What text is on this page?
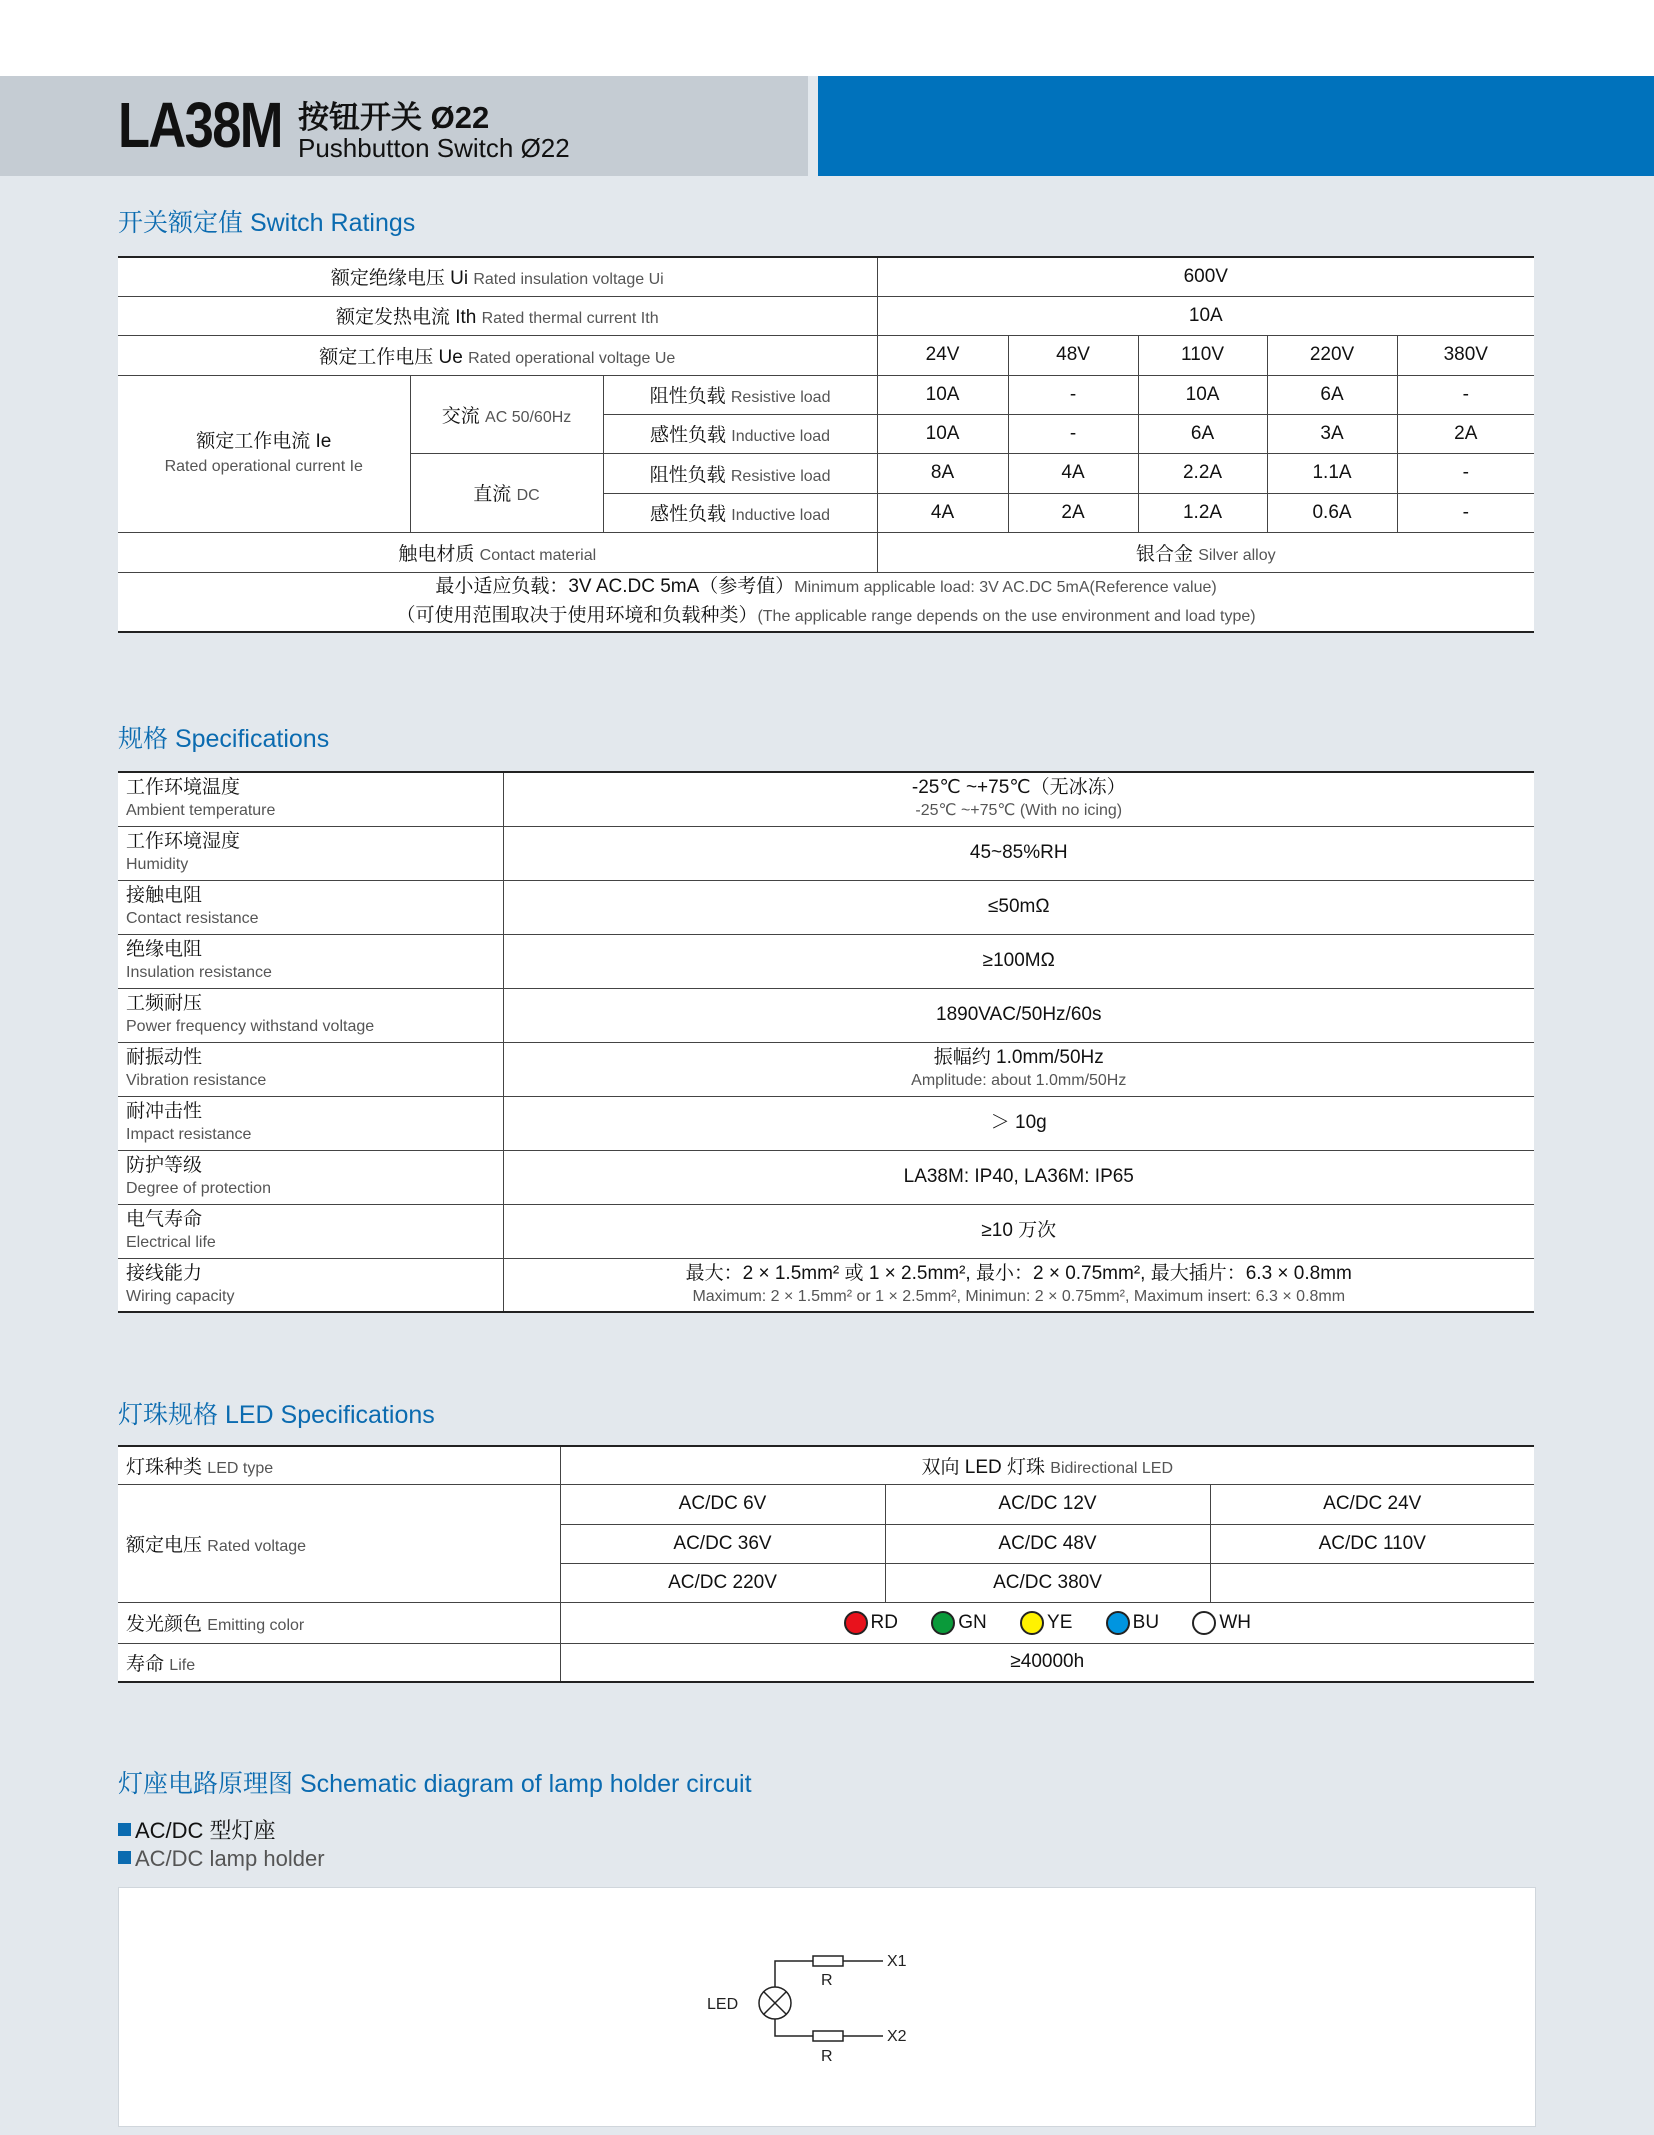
LA38M 按钮开关 Ø22
Pushbutton Switch Ø22
开关额定值 Switch Ratings
额定绝缘电压 Ui Rated insulation voltage Ui			600V				
额定发热电流 Ith Rated thermal current Ith			10A				
额定工作电压 Ue Rated operational voltage Ue			24V	48V	110V	220V	380V

额定工作电流 Ie
Rated operational current Ie	交流 AC 50/60Hz	阻性负载 Resistive load	10A	-	10A	6A	-
		感性负载 Inductive load	10A	-	6A	3A	2A
	直流 DC	阻性负载 Resistive load	8A	4A	2.2A	1.1A	-
		感性负载 Inductive load	4A	2A	1.2A	0.6A	-
触电材质 Contact material			银合金 Silver alloy				

最小适应负载：3V AC.DC 5mA（参考值）Minimum applicable load: 3V AC.DC 5mA(Reference value)
（可使用范围取决于使用环境和负载种类）(The applicable range depends on the use environment and load type)							
规格 Specifications
工作环境温度
Ambient temperature	-25℃ ~+75℃（无冰冻）
-25℃ ~+75℃ (With no icing)

工作环境湿度
Humidity	45~85%RH

接触电阻
Contact resistance	≤50mΩ

绝缘电阻
Insulation resistance	≥100MΩ

工频耐压
Power frequency withstand voltage	1890VAC/50Hz/60s

耐振动性
Vibration resistance	振幅约 1.0mm/50Hz
Amplitude: about 1.0mm/50Hz

耐冲击性
Impact resistance	＞ 10g

防护等级
Degree of protection	LA38M: IP40, LA36M: IP65

电气寿命
Electrical life	≥10 万次

接线能力
Wiring capacity	最大：2 × 1.5mm² 或 1 × 2.5mm², 最小：2 × 0.75mm², 最大插片：6.3 × 0.8mm
Maximum: 2 × 1.5mm² or 1 × 2.5mm², Minimun: 2 × 0.75mm², Maximum insert: 6.3 × 0.8mm
灯珠规格 LED Specifications
灯珠种类 LED type	双向 LED 灯珠 Bidirectional LED		
额定电压 Rated voltage	AC/DC 6V	AC/DC 12V	AC/DC 24V
	AC/DC 36V	AC/DC 48V	AC/DC 110V
	AC/DC 220V	AC/DC 380V	
发光颜色 Emitting color	RD GN YE BU WH		
寿命 Life	≥40000h		
灯座电路原理图 Schematic diagram of lamp holder circuit
AC/DC 型灯座
AC/DC lamp holder
LED
R
R
X1
X2
